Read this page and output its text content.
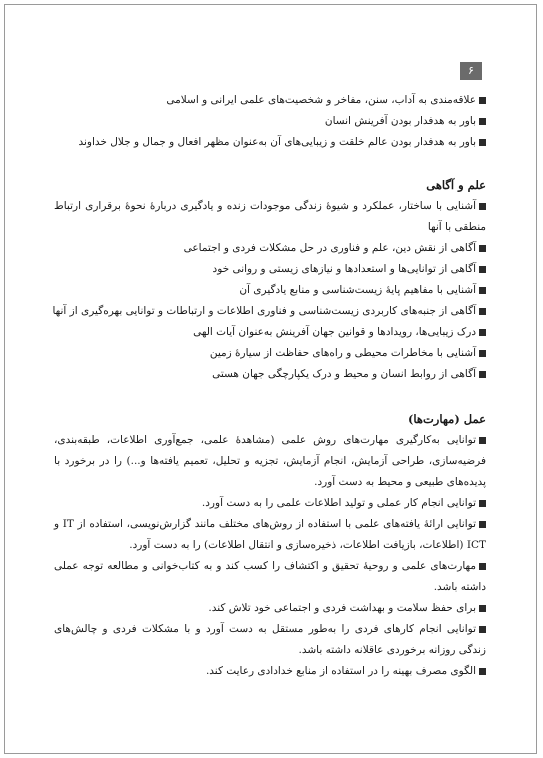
۶

علاقه‌مندی به آداب، سنن، مفاخر و شخصیت‌های علمی ایرانی و اسلامی

باور به هدفدار بودن آفرینش انسان

باور به هدفدار بودن عالم خلقت و زیبایی‌های آن به‌عنوان مظهر افعال و جمال و جلال خداوند

علم و آگاهی

آشنایی با ساختار، عملکرد و شیوهٔ زندگی موجودات زنده و یادگیری دربارهٔ نحوهٔ برقراری ارتباط منطقی با آنها

آگاهی از نقش دین، علم و فناوری در حل مشکلات فردی و اجتماعی

آگاهی از توانایی‌ها و استعدادها و نیازهای زیستی و روانی خود

آشنایی با مفاهیم پایهٔ زیست‌شناسی و منابع یادگیری آن

آگاهی از جنبه‌های کاربردی زیست‌شناسی و فناوری اطلاعات و ارتباطات و توانایی بهره‌گیری از آنها

درک زیبایی‌ها، رویدادها و قوانین جهان آفرینش به‌عنوان آیات الهی

آشنایی با مخاطرات محیطی و راه‌های حفاظت از سیارهٔ زمین

آگاهی از روابط انسان و محیط و درک یکپارچگی جهان هستی

عمل (مهارت‌ها)

توانایی به‌کارگیری مهارت‌های روش علمی (مشاهدهٔ علمی، جمع‌آوری اطلاعات، طبقه‌بندی، فرضیه‌سازی، طراحی آزمایش، انجام آزمایش، تجزیه و تحلیل، تعمیم یافته‌ها و...) را در برخورد با پدیده‌های طبیعی و محیط به دست آورد.

توانایی انجام کار عملی و تولید اطلاعات علمی را به دست آورد.

توانایی ارائهٔ یافته‌های علمی با استفاده از روش‌های مختلف مانند گزارش‌نویسی، استفاده از IT و ICT (اطلاعات، بازیافت اطلاعات، ذخیره‌سازی و انتقال اطلاعات) را به دست آورد.

مهارت‌های علمی و روحیهٔ تحقیق و اکتشاف را کسب کند و به کتاب‌خوانی و مطالعه توجه عملی داشته باشد.

برای حفظ سلامت و بهداشت فردی و اجتماعی خود تلاش کند.

توانایی انجام کارهای فردی را به‌طور مستقل به دست آورد و با مشکلات فردی و چالش‌های زندگی روزانه برخوردی عاقلانه داشته باشد.

الگوی مصرف بهینه را در استفاده از منابع خدادادی رعایت کند.
